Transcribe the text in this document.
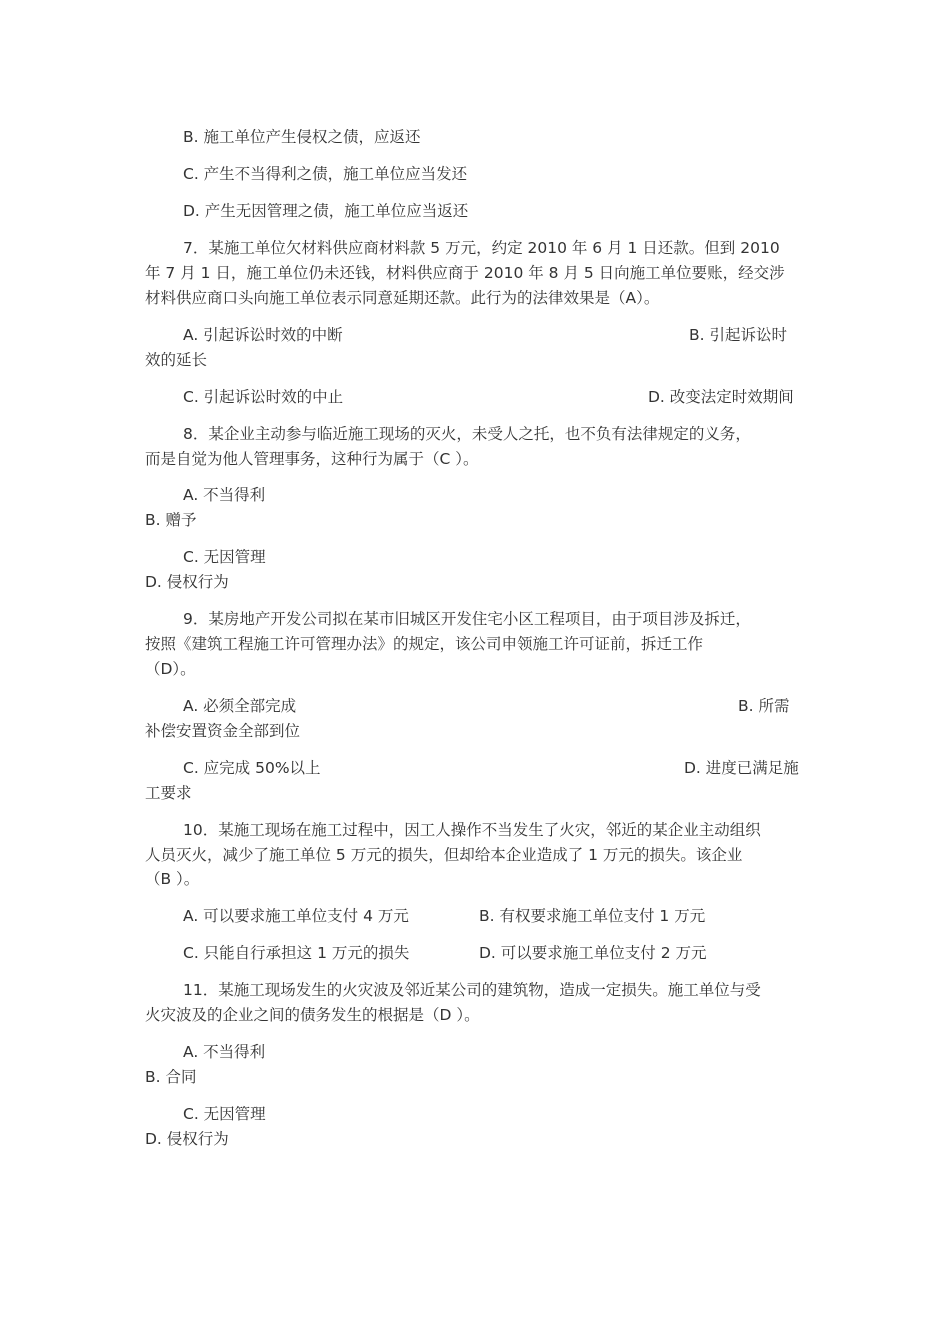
B. 施工单位产生侵权之债，应返还
C. 产生不当得利之债，施工单位应当发还
D. 产生无因管理之债，施工单位应当返还
7．某施工单位欠材料供应商材料款 5 万元，约定 2010 年 6 月 1 日还款。但到 2010
年 7 月 1 日，施工单位仍未还钱，材料供应商于 2010 年 8 月 5 日向施工单位要账，经交涉
材料供应商口头向施工单位表示同意延期还款。此行为的法律效果是（A）。
A. 引起诉讼时效的中断	B. 引起诉讼时
效的延长
C. 引起诉讼时效的中止	D. 改变法定时效期间
8．某企业主动参与临近施工现场的灭火，未受人之托，也不负有法律规定的义务，
而是自觉为他人管理事务，这种行为属于（C ）。
A. 不当得利
B. 赠予
C. 无因管理
D. 侵权行为
9．某房地产开发公司拟在某市旧城区开发住宅小区工程项目，由于项目涉及拆迁，
按照《建筑工程施工许可管理办法》的规定，该公司申领施工许可证前，拆迁工作
（D）。
A. 必须全部完成	B. 所需
补偿安置资金全部到位
C. 应完成 50%以上	D. 进度已满足施
工要求
10．某施工现场在施工过程中，因工人操作不当发生了火灾，邻近的某企业主动组织
人员灭火，减少了施工单位 5 万元的损失，但却给本企业造成了 1 万元的损失。该企业
（B ）。
A. 可以要求施工单位支付 4 万元	B. 有权要求施工单位支付 1 万元
C. 只能自行承担这 1 万元的损失	D. 可以要求施工单位支付 2 万元
11．某施工现场发生的火灾波及邻近某公司的建筑物，造成一定损失。施工单位与受
火灾波及的企业之间的债务发生的根据是（D ）。
A. 不当得利
B. 合同
C. 无因管理
D. 侵权行为
